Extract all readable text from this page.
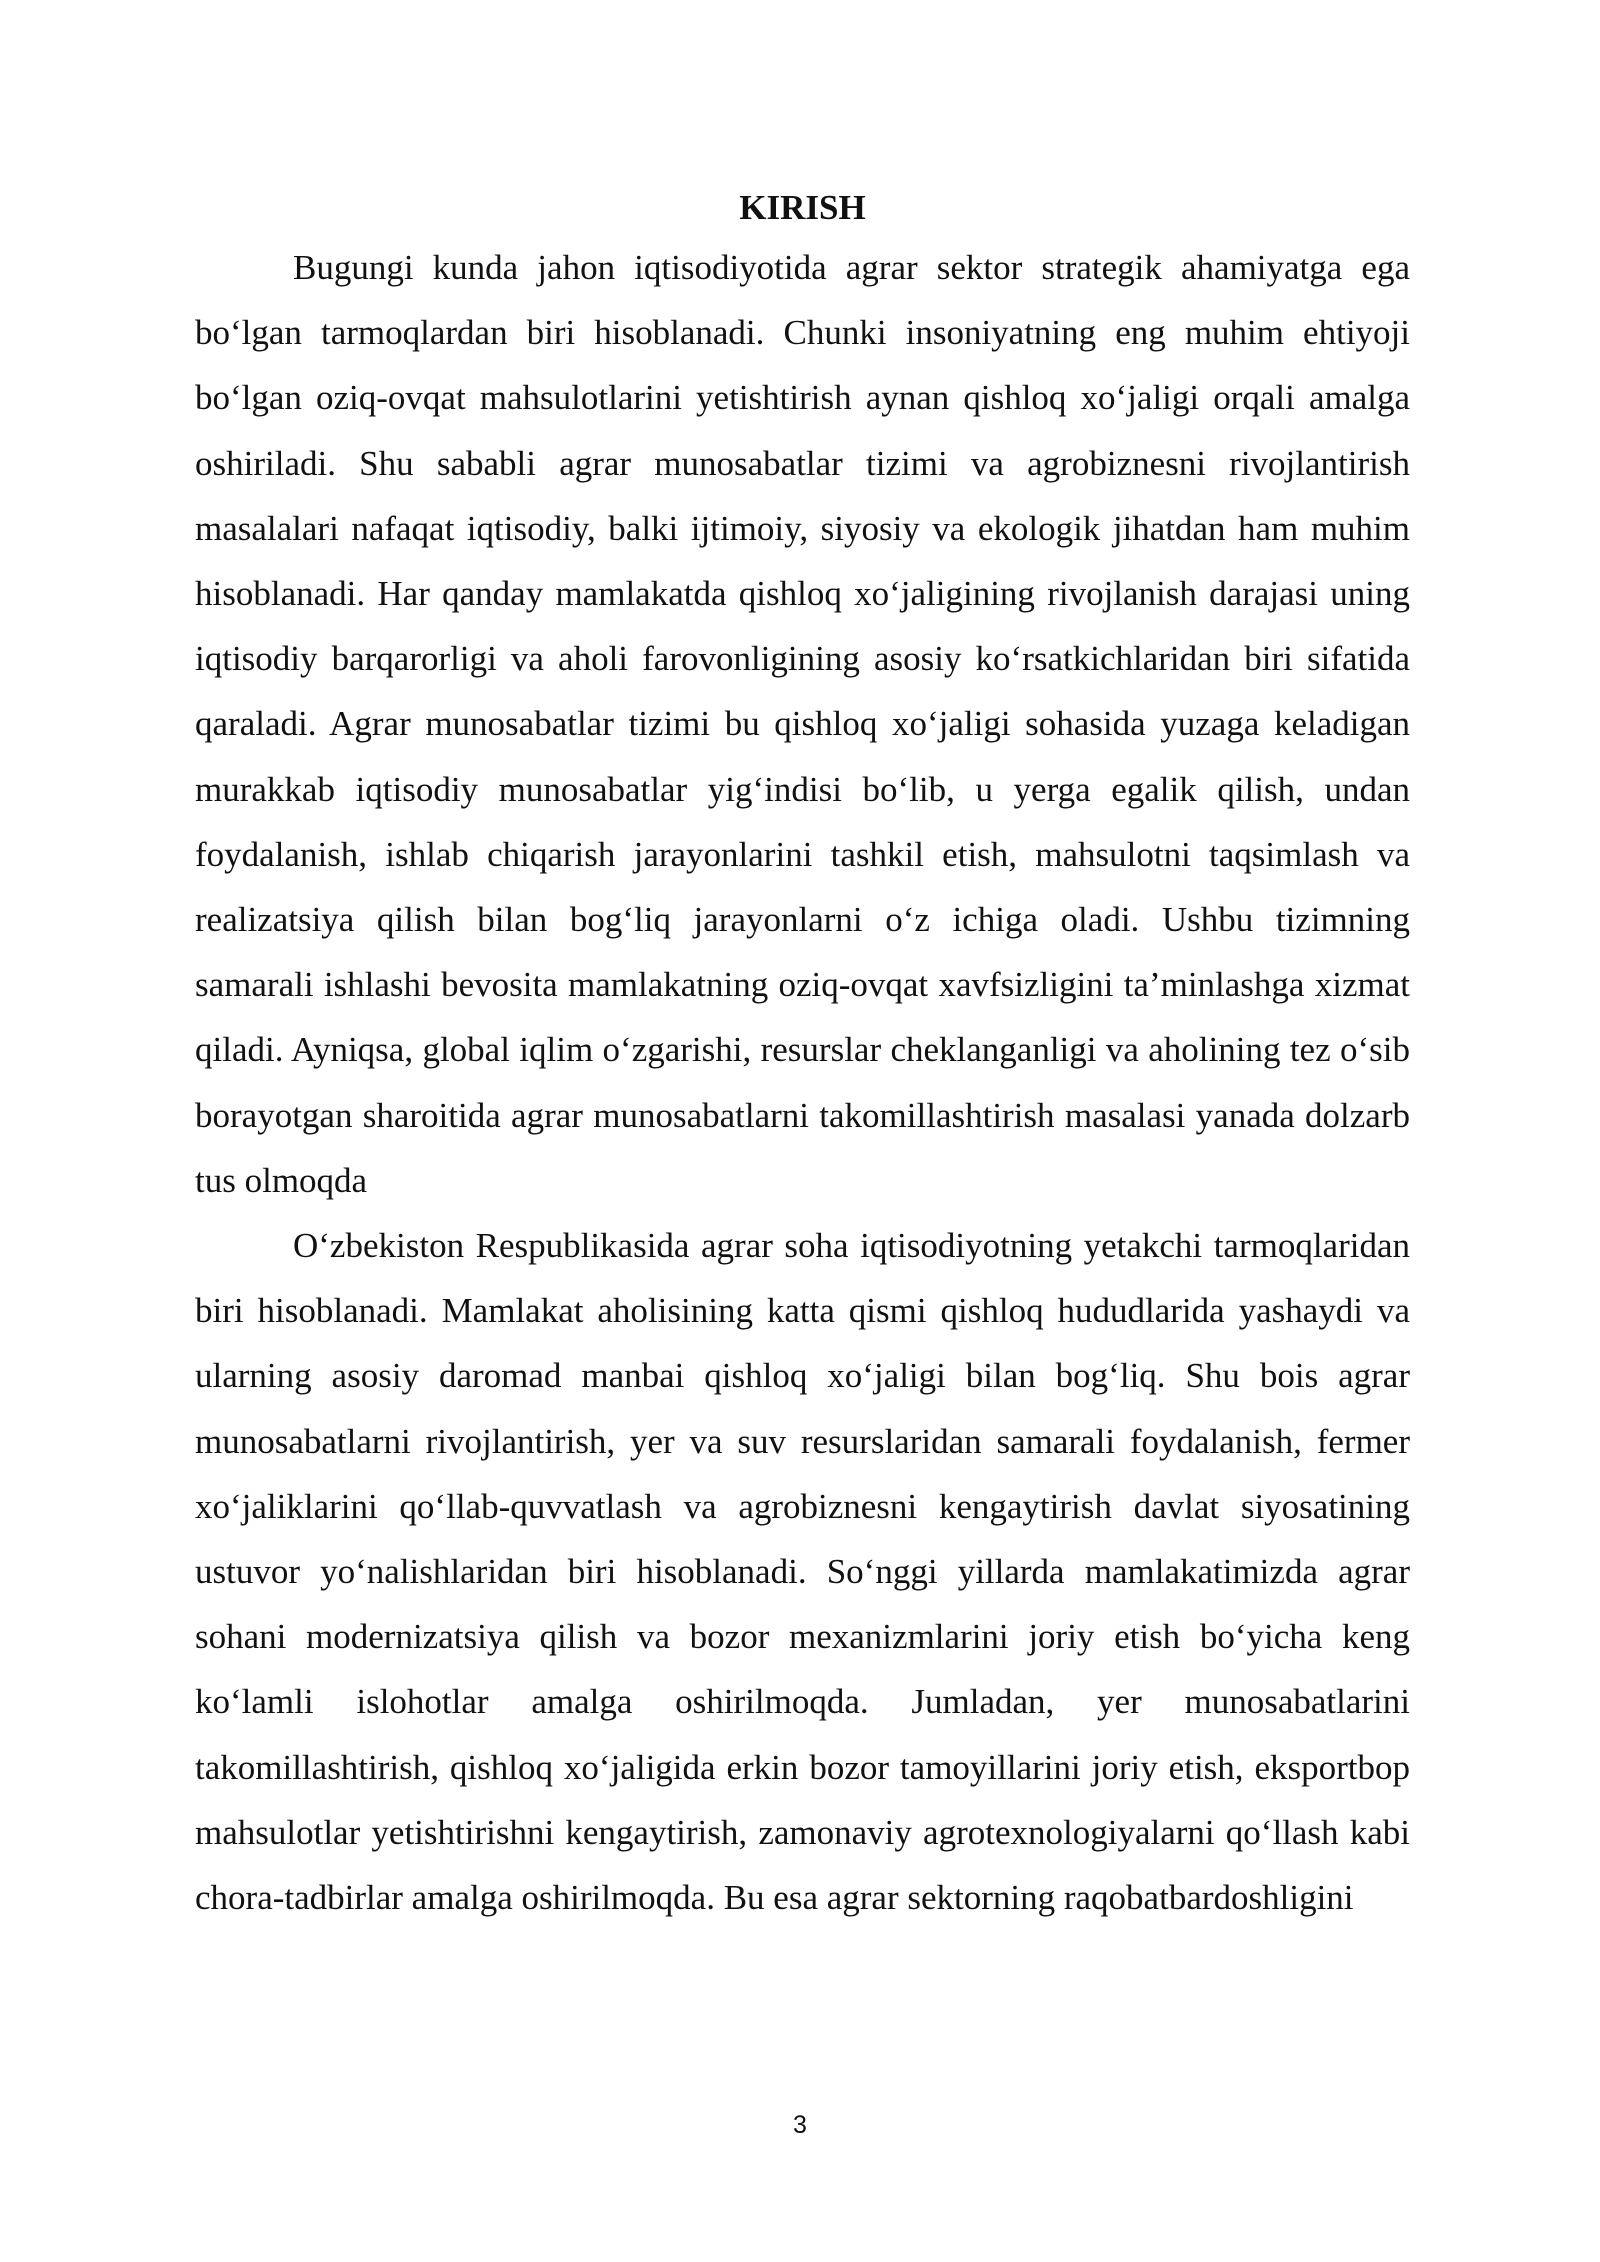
KIRISH

Bugungi kunda jahon iqtisodiyotida agrar sektor strategik ahamiyatga ega bo‘lgan tarmoqlardan biri hisoblanadi. Chunki insoniyatning eng muhim ehtiyoji bo‘lgan oziq-ovqat mahsulotlarini yetishtirish aynan qishloq xo‘jaligi orqali amalga oshiriladi. Shu sababli agrar munosabatlar tizimi va agrobiznesni rivojlantirish masalalari nafaqat iqtisodiy, balki ijtimoiy, siyosiy va ekologik jihatdan ham muhim hisoblanadi. Har qanday mamlakatda qishloq xo‘jaligining rivojlanish darajasi uning iqtisodiy barqarorligi va aholi farovonligining asosiy ko‘rsatkichlaridan biri sifatida qaraladi. Agrar munosabatlar tizimi bu qishloq xo‘jaligi sohasida yuzaga keladigan murakkab iqtisodiy munosabatlar yig‘indisi bo‘lib, u yerga egalik qilish, undan foydalanish, ishlab chiqarish jarayonlarini tashkil etish, mahsulotni taqsimlash va realizatsiya qilish bilan bog‘liq jarayonlarni o‘z ichiga oladi. Ushbu tizimning samarali ishlashi bevosita mamlakatning oziq-ovqat xavfsizligini ta’minlashga xizmat qiladi. Ayniqsa, global iqlim o‘zgarishi, resurslar cheklanganligi va aholining tez o‘sib borayotgan sharoitida agrar munosabatlarni takomillashtirish masalasi yanada dolzarb tus olmoqda

O‘zbekiston Respublikasida agrar soha iqtisodiyotning yetakchi tarmoqlaridan biri hisoblanadi. Mamlakat aholisining katta qismi qishloq hududlarida yashaydi va ularning asosiy daromad manbai qishloq xo‘jaligi bilan bog‘liq. Shu bois agrar munosabatlarni rivojlantirish, yer va suv resurslaridan samarali foydalanish, fermer xo‘jaliklarini qo‘llab-quvvatlash va agrobiznesni kengaytirish davlat siyosatining ustuvor yo‘nalishlaridan biri hisoblanadi. So‘nggi yillarda mamlakatimizda agrar sohani modernizatsiya qilish va bozor mexanizmlarini joriy etish bo‘yicha keng ko‘lamli islohotlar amalga oshirilmoqda. Jumladan, yer munosabatlarini takomillashtirish, qishloq xo‘jaligida erkin bozor tamoyillarini joriy etish, eksportbop mahsulotlar yetishtirishni kengaytirish, zamonaviy agrotexnologiyalarni qo‘llash kabi chora-tadbirlar amalga oshirilmoqda. Bu esa agrar sektorning raqobatbardoshligini

3
